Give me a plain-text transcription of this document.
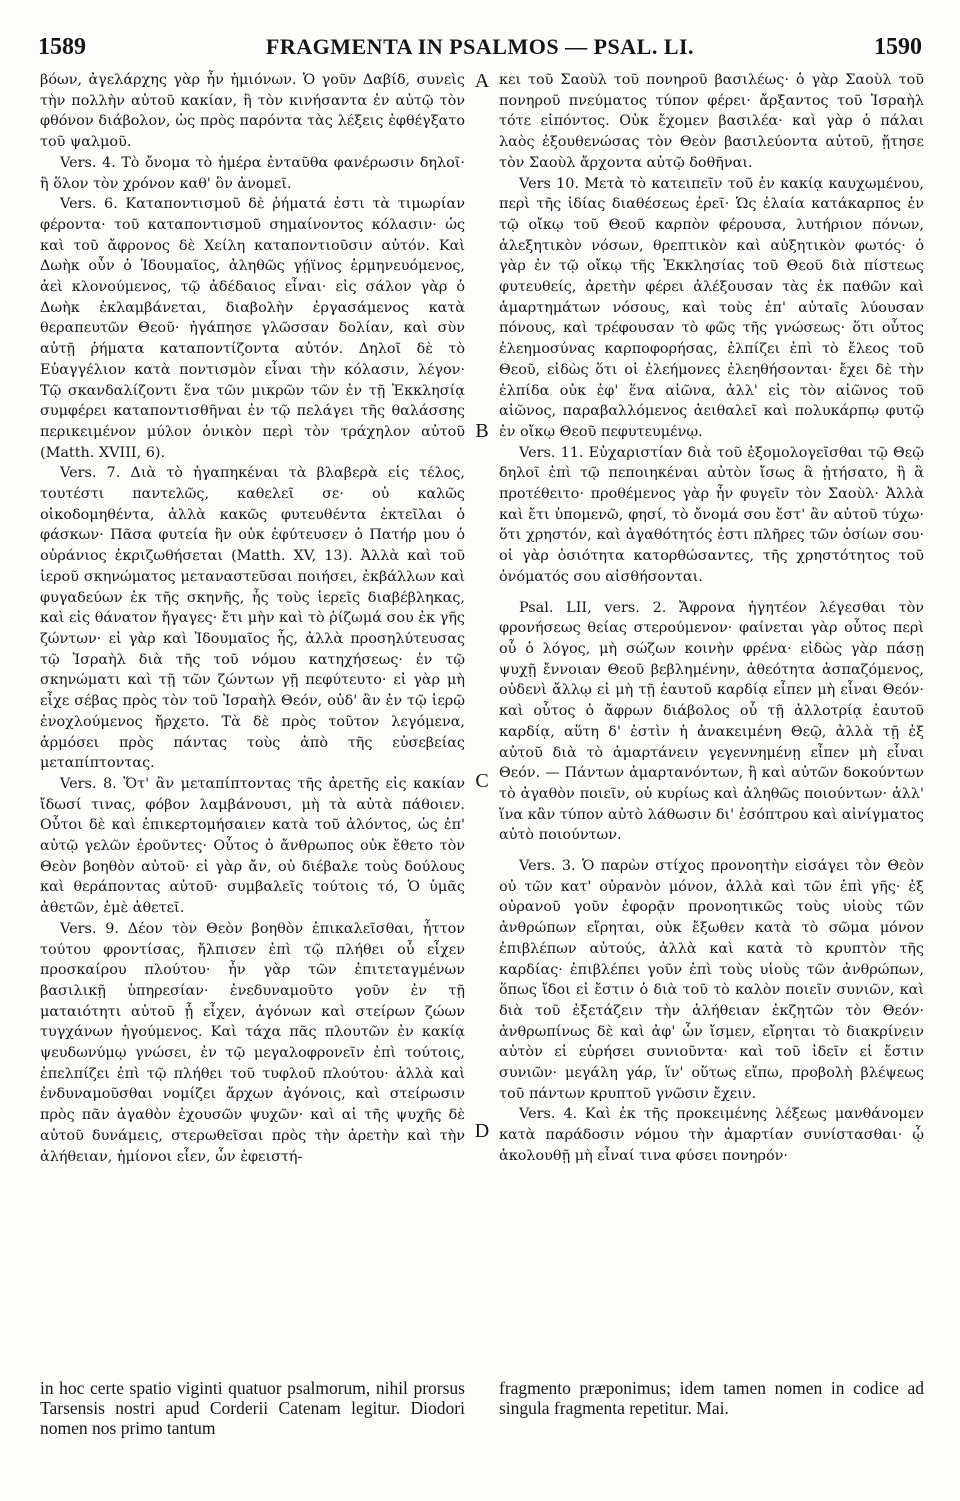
1589	FRAGMENTA IN PSALMOS — PSAL. LI.	1590

βόων, ἀγελάρχης γὰρ ἦν ἡμιόνων. Ὁ γοῦν Δαβίδ, συνεὶς τὴν πολλὴν αὐτοῦ κακίαν, ἢ τὸν κινήσαντα ἐν αὐτῷ τὸν φθόνον διάβολον, ὡς πρὸς παρόντα τὰς λέξεις ἐφθέγξατο τοῦ ψαλμοῦ.

Vers. 4. Τὸ ὄνομα τὸ ἡμέρα ἐνταῦθα φανέρωσιν δηλοῖ· ἢ ὅλον τὸν χρόνον καθ' ὃν ἀνομεῖ.

Vers. 6. Καταποντισμοῦ δὲ ῥήματά ἐστι τὰ τιμωρίαν φέροντα· τοῦ καταποντισμοῦ σημαίνοντος κόλασιν· ὡς καὶ τοῦ ἄφρονος δὲ Χείλη καταποντιοῦσιν αὐτόν. Καὶ Δωὴκ οὖν ὁ Ἰδουμαῖος, ἀληθῶς γῄϊνος ἑρμηνευόμενος, ἀεὶ κλονούμενος, τῷ ἀδέδαιος εἶναι· εἰς σάλον γὰρ ὁ Δωὴκ ἐκλαμβάνεται, διαβολὴν ἐργασάμενος κατὰ θεραπευτῶν Θεοῦ· ἠγάπησε γλῶσσαν δολίαν, καὶ σὺν αὐτῇ ῥήματα καταποντίζοντα αὐτόν. Δηλοῖ δὲ τὸ Εὐαγγέλιον κατὰ ποντισμὸν εἶναι τὴν κόλασιν, λέγον· Τῷ σκανδαλίζοντι ἕνα τῶν μικρῶν τῶν ἐν τῇ Ἐκκλησίᾳ συμφέρει καταποντισθῆναι ἐν τῷ πελάγει τῆς θαλάσσης περικειμένον μύλον ὀνικὸν περὶ τὸν τράχηλον αὐτοῦ (Matth. XVIII, 6).

Vers. 7. Διὰ τὸ ἠγαπηκέναι τὰ βλαβερὰ εἰς τέλος, τουτέστι παντελῶς, καθελεῖ σε· οὐ καλῶς οἰκοδομηθέντα, ἀλλὰ κακῶς φυτευθέντα ἐκτεῖλαι ὁ φάσκων· Πᾶσα φυτεία ἣν οὐκ ἐφύτευσεν ὁ Πατήρ μου ὁ οὐράνιος ἐκριζωθήσεται (Matth. XV, 13). Ἀλλὰ καὶ τοῦ ἱεροῦ σκηνώματος μεταναστεῦσαι ποιήσει, ἐκβάλλων καὶ φυγαδεύων ἐκ τῆς σκηνῆς, ἧς τοὺς ἱερεῖς διαβέβληκας, καὶ εἰς θάνατον ἤγαγες· ἔτι μὴν καὶ τὸ ῥίζωμά σου ἐκ γῆς ζώντων· εἰ γὰρ καὶ Ἰδουμαῖος ἦς, ἀλλὰ προσηλύτευσας τῷ Ἰσραὴλ διὰ τῆς τοῦ νόμου κατηχήσεως· ἐν τῷ σκηνώματι καὶ τῇ τῶν ζώντων γῇ πεφύτευτο· εἰ γὰρ μὴ εἶχε σέβας πρὸς τὸν τοῦ Ἰσραὴλ Θεόν, οὐδ' ἂν ἐν τῷ ἱερῷ ἐνοχλούμενος ἤρχετο. Τὰ δὲ πρὸς τοῦτον λεγόμενα, ἁρμόσει πρὸς πάντας τοὺς ἀπὸ τῆς εὐσεβείας μεταπίπτοντας.

Vers. 8. Ὅτ' ἂν μεταπίπτοντας τῆς ἀρετῆς εἰς κακίαν ἴδωσί τινας, φόβον λαμβάνουσι, μὴ τὰ αὐτὰ πάθοιεν. Οὗτοι δὲ καὶ ἐπικερτομήσαιεν κατὰ τοῦ ἀλόντος, ὡς ἐπ' αὐτῷ γελῶν ἐροῦντες· Οὗτος ὁ ἄνθρωπος οὐκ ἔθετο τὸν Θεὸν βοηθὸν αὐτοῦ· εἰ γὰρ ἄν, οὐ διέβαλε τοὺς δούλους καὶ θεράποντας αὐτοῦ· συμβαλεῖς τούτοις τό, Ὁ ὑμᾶς ἀθετῶν, ἐμὲ ἀθετεῖ.

Vers. 9. Δέον τὸν Θεὸν βοηθὸν ἐπικαλεῖσθαι, ἧττον τούτου φροντίσας, ἤλπισεν ἐπὶ τῷ πλήθει οὗ εἶχεν προσκαίρου πλούτου· ἦν γὰρ τῶν ἐπιτεταγμένων βασιλικῇ ὑπηρεσίαν· ἐνεδυναμοῦτο γοῦν ἐν τῇ ματαιότητι αὐτοῦ ᾗ εἶχεν, ἀγόνων καὶ στείρων ζώων τυγχάνων ἡγούμενος. Καὶ τάχα πᾶς πλουτῶν ἐν κακίᾳ ψευδωνύμῳ γνώσει, ἐν τῷ μεγαλοφρονεῖν ἐπὶ τούτοις, ἐπελπίζει ἐπὶ τῷ πλήθει τοῦ τυφλοῦ πλούτου· ἀλλὰ καὶ ἐνδυναμοῦσθαι νομίζει ἄρχων ἀγόνοις, καὶ στείρωσιν πρὸς πᾶν ἀγαθὸν ἐχουσῶν ψυχῶν· καὶ αἱ τῆς ψυχῆς δὲ αὐτοῦ δυνάμεις, στερωθεῖσαι πρὸς τὴν ἀρετὴν καὶ τὴν ἀλήθειαν, ἡμίονοι εἶεν, ὧν ἐφειστή-

A
B
C
D

κει τοῦ Σαοὺλ τοῦ πονηροῦ βασιλέως· ὁ γὰρ Σαοὺλ τοῦ πονηροῦ πνεύματος τύπον φέρει· ἄρξαντος τοῦ Ἰσραὴλ τότε εἰπόντος. Οὐκ ἔχομεν βασιλέα· καὶ γὰρ ὁ πάλαι λαὸς ἐξουθενώσας τὸν Θεὸν βασιλεύοντα αὐτοῦ, ᾔτησε τὸν Σαοὺλ ἄρχοντα αὐτῷ δοθῆναι.

Vers 10. Μετὰ τὸ κατειπεῖν τοῦ ἐν κακίᾳ καυχωμένου, περὶ τῆς ἰδίας διαθέσεως ἐρεῖ· Ὡς ἐλαία κατάκαρπος ἐν τῷ οἴκῳ τοῦ Θεοῦ καρπὸν φέρουσα, λυτήριον πόνων, ἀλεξητικὸν νόσων, θρεπτικὸν καὶ αὐξητικὸν φωτός· ὁ γὰρ ἐν τῷ οἴκῳ τῆς Ἐκκλησίας τοῦ Θεοῦ διὰ πίστεως φυτευθείς, ἀρετὴν φέρει ἀλέξουσαν τὰς ἐκ παθῶν καὶ ἁμαρτημάτων νόσους, καὶ τοὺς ἐπ' αὐταῖς λύουσαν πόνους, καὶ τρέφουσαν τὸ φῶς τῆς γνώσεως· ὅτι οὗτος ἐλεημοσύνας καρποφορήσας, ἐλπίζει ἐπὶ τὸ ἔλεος τοῦ Θεοῦ, εἰδὼς ὅτι οἱ ἐλεήμονες ἐλεηθήσονται· ἔχει δὲ τὴν ἐλπίδα οὐκ ἐφ' ἕνα αἰῶνα, ἀλλ' εἰς τὸν αἰῶνος τοῦ αἰῶνος, παραβαλλόμενος ἀειθαλεῖ καὶ πολυκάρπῳ φυτῷ ἐν οἴκῳ Θεοῦ πεφυτευμένῳ.

Vers. 11. Εὐχαριστίαν διὰ τοῦ ἐξομολογεῖσθαι τῷ Θεῷ δηλοῖ ἐπὶ τῷ πεποιηκέναι αὐτὸν ἴσως ἃ ᾐτήσατο, ἢ ἃ προτέθειτο· προθέμενος γὰρ ἦν φυγεῖν τὸν Σαοὺλ· Ἀλλὰ καὶ ἔτι ὑπομενῶ, φησί, τὸ ὄνομά σου ἔστ' ἂν αὐτοῦ τύχω· ὅτι χρηστόν, καὶ ἀγαθότητός ἐστι πλῆρες τῶν ὁσίων σου· οἱ γὰρ ὁσιότητα κατορθώσαντες, τῆς χρηστότητος τοῦ ὀνόματός σου αἰσθήσονται.

Psal. LII, vers. 2. Ἄφρονα ἡγητέον λέγεσθαι τὸν φρονήσεως θείας στερούμενον· φαίνεται γὰρ οὗτος περὶ οὗ ὁ λόγος, μὴ σώζων κοινὴν φρένα· εἰδὼς γὰρ πάσῃ ψυχῇ ἔννοιαν Θεοῦ βεβλημένην, ἀθεότητα ἀσπαζόμενος, οὐδενὶ ἄλλῳ εἰ μὴ τῇ ἑαυτοῦ καρδίᾳ εἶπεν μὴ εἶναι Θεόν· καὶ οὗτος ὁ ἄφρων διάβολος οὗ τῇ ἀλλοτρίᾳ ἑαυτοῦ καρδίᾳ, αὕτη δ' ἐστὶν ἡ ἀνακειμένη Θεῷ, ἀλλὰ τῇ ἐξ αὐτοῦ διὰ τὸ ἁμαρτάνειν γεγεννημένῃ εἶπεν μὴ εἶναι Θεόν. — Πάντων ἁμαρτανόντων, ἢ καὶ αὐτῶν δοκούντων τὸ ἀγαθὸν ποιεῖν, οὐ κυρίως καὶ ἀληθῶς ποιούντων· ἀλλ' ἵνα κἂν τύπον αὐτὸ λάθωσιν δι' ἐσόπτρου καὶ αἰνίγματος αὐτὸ ποιούντων.

Vers. 3. Ὁ παρὼν στίχος προνοητὴν εἰσάγει τὸν Θεὸν οὐ τῶν κατ' οὐρανὸν μόνον, ἀλλὰ καὶ τῶν ἐπὶ γῆς· ἐξ οὐρανοῦ γοῦν ἐφορᾷν προνοητικῶς τοὺς υἱοὺς τῶν ἀνθρώπων εἴρηται, οὐκ ἔξωθεν κατὰ τὸ σῶμα μόνον ἐπιβλέπων αὐτούς, ἀλλὰ καὶ κατὰ τὸ κρυπτὸν τῆς καρδίας· ἐπιβλέπει γοῦν ἐπὶ τοὺς υἱοὺς τῶν ἀνθρώπων, ὅπως ἴδοι εἰ ἔστιν ὁ διὰ τοῦ τὸ καλὸν ποιεῖν συνιῶν, καὶ διὰ τοῦ ἐξετάζειν τὴν ἀλήθειαν ἐκζητῶν τὸν Θεόν· ἀνθρωπίνως δὲ καὶ ἀφ' ὧν ἴσμεν, εἴρηται τὸ διακρίνειν αὐτὸν εἰ εὑρήσει συνιοῦντα· καὶ τοῦ ἰδεῖν εἰ ἔστιν συνιῶν· μεγάλη γάρ, ἵν' οὕτως εἴπω, προβολὴ βλέψεως τοῦ πάντων κρυπτοῦ γνῶσιν ἔχειν.

Vers. 4. Καὶ ἐκ τῆς προκειμένης λέξεως μανθάνομεν κατὰ παράδοσιν νόμου τὴν ἁμαρτίαν συνίστασθαι· ᾧ ἀκολουθῇ μὴ εἶναί τινα φύσει πονηρόν·

in hoc certe spatio viginti quatuor psalmorum, nihil prorsus Tarsensis nostri apud Corderii Catenam legitur. Diodori nomen nos primo tantum
fragmento præponimus; idem tamen nomen in codice ad singula fragmenta repetitur. Mai.
